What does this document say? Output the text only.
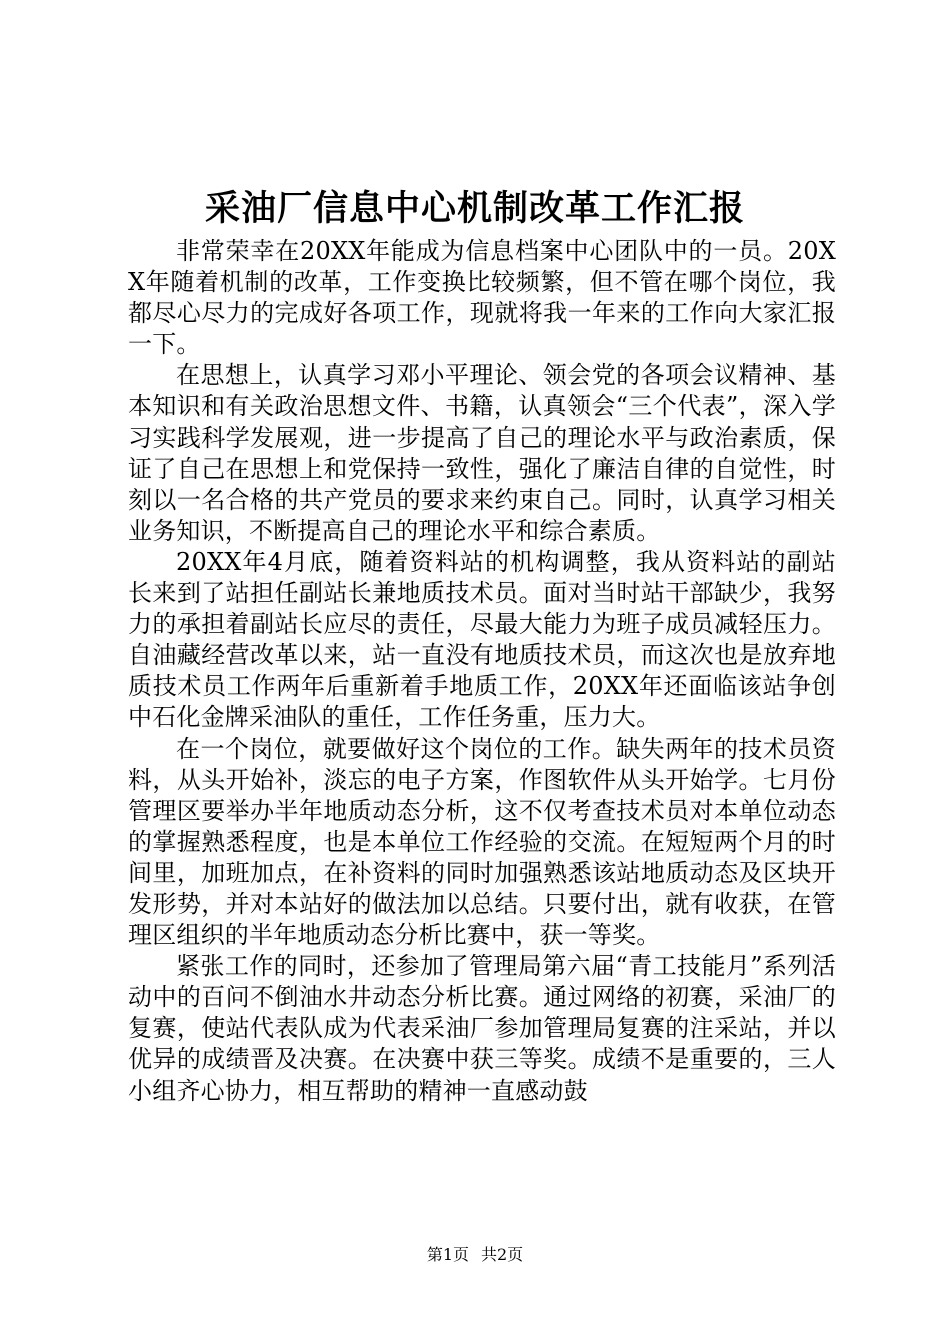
采油厂信息中心机制改革工作汇报

非常荣幸在20XX年能成为信息档案中心团队中的一员。20XX年随着机制的改革，工作变换比较频繁，但不管在哪个岗位，我都尽心尽力的完成好各项工作，现就将我一年来的工作向大家汇报一下。

在思想上，认真学习邓小平理论、领会党的各项会议精神、基本知识和有关政治思想文件、书籍，认真领会“三个代表”，深入学习实践科学发展观，进一步提高了自己的理论水平与政治素质，保证了自己在思想上和党保持一致性，强化了廉洁自律的自觉性，时刻以一名合格的共产党员的要求来约束自己。同时，认真学习相关业务知识，不断提高自己的理论水平和综合素质。

20XX年4月底，随着资料站的机构调整，我从资料站的副站长来到了站担任副站长兼地质技术员。面对当时站干部缺少，我努力的承担着副站长应尽的责任，尽最大能力为班子成员减轻压力。自油藏经营改革以来，站一直没有地质技术员，而这次也是放弃地质技术员工作两年后重新着手地质工作，20XX年还面临该站争创中石化金牌采油队的重任，工作任务重，压力大。

在一个岗位，就要做好这个岗位的工作。缺失两年的技术员资料，从头开始补，淡忘的电子方案，作图软件从头开始学。七月份管理区要举办半年地质动态分析，这不仅考查技术员对本单位动态的掌握熟悉程度，也是本单位工作经验的交流。在短短两个月的时间里，加班加点，在补资料的同时加强熟悉该站地质动态及区块开发形势，并对本站好的做法加以总结。只要付出，就有收获，在管理区组织的半年地质动态分析比赛中，获一等奖。

紧张工作的同时，还参加了管理局第六届“青工技能月”系列活动中的百问不倒油水井动态分析比赛。通过网络的初赛，采油厂的复赛，使站代表队成为代表采油厂参加管理局复赛的注采站，并以优异的成绩晋及决赛。在决赛中获三等奖。成绩不是重要的，三人小组齐心协力，相互帮助的精神一直感动鼓

第1页 共2页
